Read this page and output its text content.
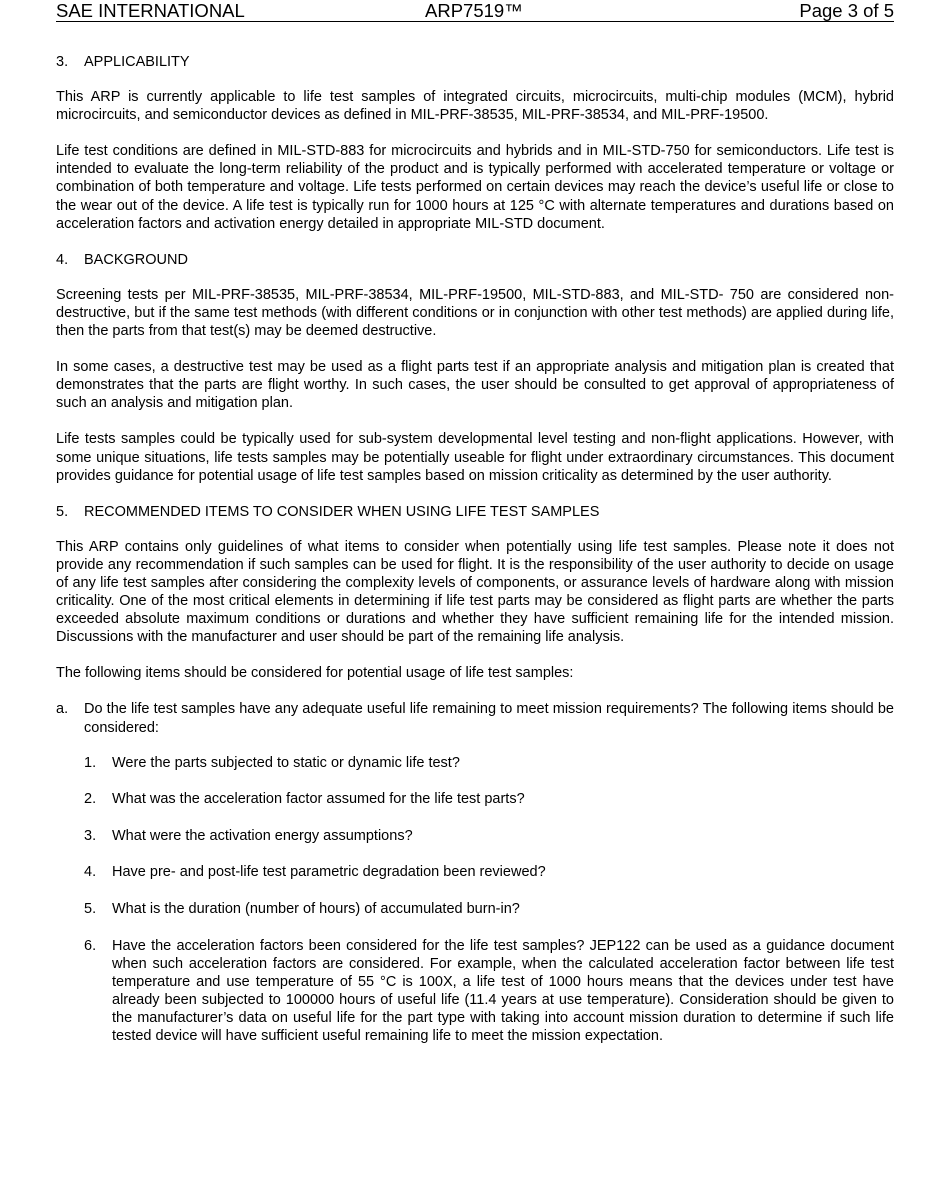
SAE INTERNATIONAL	ARP7519™	Page 3 of 5
3. APPLICABILITY

This ARP is currently applicable to life test samples of integrated circuits, microcircuits, multi-chip modules (MCM), hybrid microcircuits, and semiconductor devices as defined in MIL-PRF-38535, MIL-PRF-38534, and MIL-PRF-19500.

Life test conditions are defined in MIL-STD-883 for microcircuits and hybrids and in MIL-STD-750 for semiconductors. Life test is intended to evaluate the long-term reliability of the product and is typically performed with accelerated temperature or voltage or combination of both temperature and voltage. Life tests performed on certain devices may reach the device’s useful life or close to the wear out of the device. A life test is typically run for 1000 hours at 125 °C with alternate temperatures and durations based on acceleration factors and activation energy detailed in appropriate MIL-STD document.

4. BACKGROUND

Screening tests per MIL-PRF-38535, MIL-PRF-38534, MIL-PRF-19500, MIL-STD-883, and MIL-STD- 750 are considered non-destructive, but if the same test methods (with different conditions or in conjunction with other test methods) are applied during life, then the parts from that test(s) may be deemed destructive.

In some cases, a destructive test may be used as a flight parts test if an appropriate analysis and mitigation plan is created that demonstrates that the parts are flight worthy. In such cases, the user should be consulted to get approval of appropriateness of such an analysis and mitigation plan.

Life tests samples could be typically used for sub-system developmental level testing and non-flight applications. However, with some unique situations, life tests samples may be potentially useable for flight under extraordinary circumstances. This document provides guidance for potential usage of life test samples based on mission criticality as determined by the user authority.

5. RECOMMENDED ITEMS TO CONSIDER WHEN USING LIFE TEST SAMPLES

This ARP contains only guidelines of what items to consider when potentially using life test samples. Please note it does not provide any recommendation if such samples can be used for flight. It is the responsibility of the user authority to decide on usage of any life test samples after considering the complexity levels of components, or assurance levels of hardware along with mission criticality. One of the most critical elements in determining if life test parts may be considered as flight parts are whether the parts exceeded absolute maximum conditions or durations and whether they have sufficient remaining life for the intended mission. Discussions with the manufacturer and user should be part of the remaining life analysis.

The following items should be considered for potential usage of life test samples:

a. Do the life test samples have any adequate useful life remaining to meet mission requirements? The following items should be considered:
1. Were the parts subjected to static or dynamic life test?
2. What was the acceleration factor assumed for the life test parts?
3. What were the activation energy assumptions?
4. Have pre- and post-life test parametric degradation been reviewed?
5. What is the duration (number of hours) of accumulated burn-in?
6. Have the acceleration factors been considered for the life test samples? JEP122 can be used as a guidance document when such acceleration factors are considered. For example, when the calculated acceleration factor between life test temperature and use temperature of 55 °C is 100X, a life test of 1000 hours means that the devices under test have already been subjected to 100000 hours of useful life (11.4 years at use temperature). Consideration should be given to the manufacturer’s data on useful life for the part type with taking into account mission duration to determine if such life tested device will have sufficient useful remaining life to meet the mission expectation.
